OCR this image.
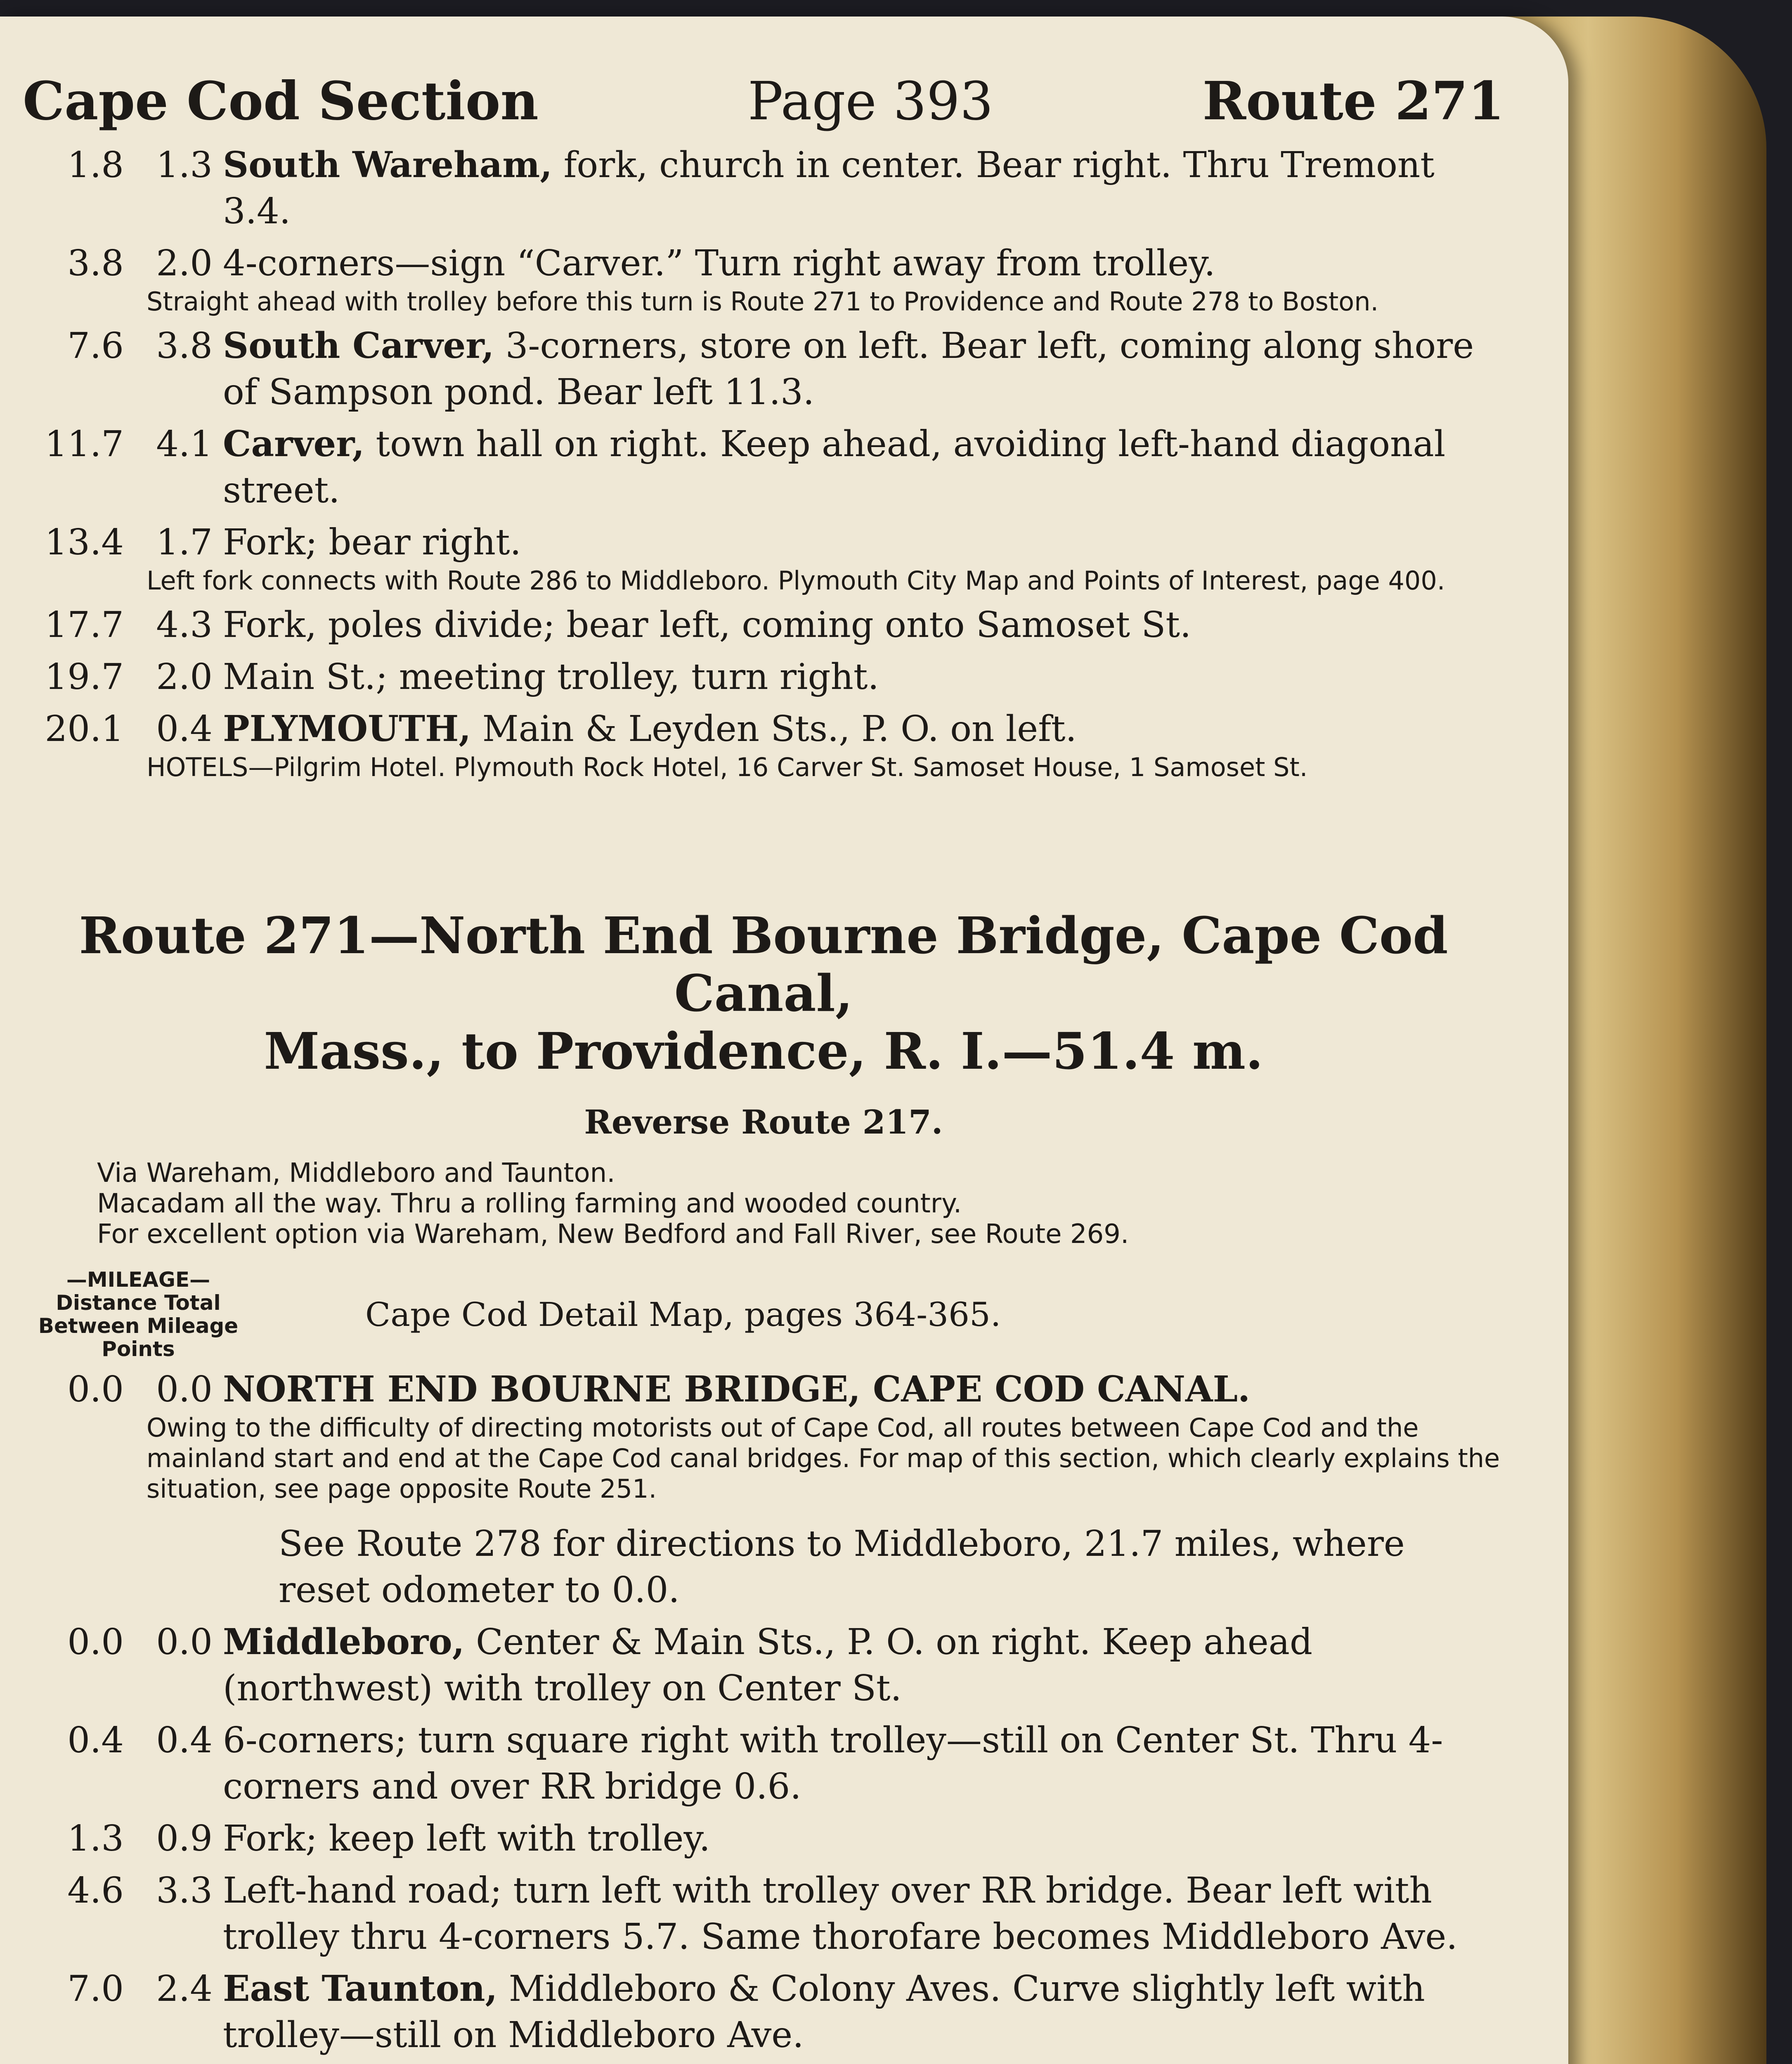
Cape Cod Section	Page 393	Route 271
1.8 1.3 South Wareham, fork, church in center. Bear right. Thru Tremont 3.4.
3.8 2.0 4-corners—sign “Carver.” Turn right away from trolley.
Straight ahead with trolley before this turn is Route 271 to Providence and Route 278 to Boston.
7.6 3.8 South Carver, 3-corners, store on left. Bear left, coming along shore of Sampson pond. Bear left 11.3.
11.7 4.1 Carver, town hall on right. Keep ahead, avoiding left-hand diagonal street.
13.4 1.7 Fork; bear right.
Left fork connects with Route 286 to Middleboro. Plymouth City Map and Points of Interest, page 400.
17.7 4.3 Fork, poles divide; bear left, coming onto Samoset St.
19.7 2.0 Main St.; meeting trolley, turn right.
20.1 0.4 PLYMOUTH, Main & Leyden Sts., P. O. on left.
HOTELS—Pilgrim Hotel. Plymouth Rock Hotel, 16 Carver St. Samoset House, 1 Samoset St.
Route 271—North End Bourne Bridge, Cape Cod Canal,
Mass., to Providence, R. I.—51.4 m.
Reverse Route 217.
Via Wareham, Middleboro and Taunton.
Macadam all the way. Thru a rolling farming and wooded country.
For excellent option via Wareham, New Bedford and Fall River, see Route 269.
—MILEAGE— Distance Total Between Mileage Points
Cape Cod Detail Map, pages 364-365.
0.0 0.0 NORTH END BOURNE BRIDGE, CAPE COD CANAL.
Owing to the difficulty of directing motorists out of Cape Cod, all routes between Cape Cod and the mainland start and end at the Cape Cod canal bridges. For map of this section, which clearly explains the situation, see page opposite Route 251.
See Route 278 for directions to Middleboro, 21.7 miles, where reset odometer to 0.0.
0.0 0.0 Middleboro, Center & Main Sts., P. O. on right. Keep ahead (northwest) with trolley on Center St.
0.4 0.4 6-corners; turn square right with trolley—still on Center St. Thru 4-corners and over RR bridge 0.6.
1.3 0.9 Fork; keep left with trolley.
4.6 3.3 Left-hand road; turn left with trolley over RR bridge. Bear left with trolley thru 4-corners 5.7. Same thorofare becomes Middleboro Ave.
7.0 2.4 East Taunton, Middleboro & Colony Aves. Curve slightly left with trolley—still on Middleboro Ave.
